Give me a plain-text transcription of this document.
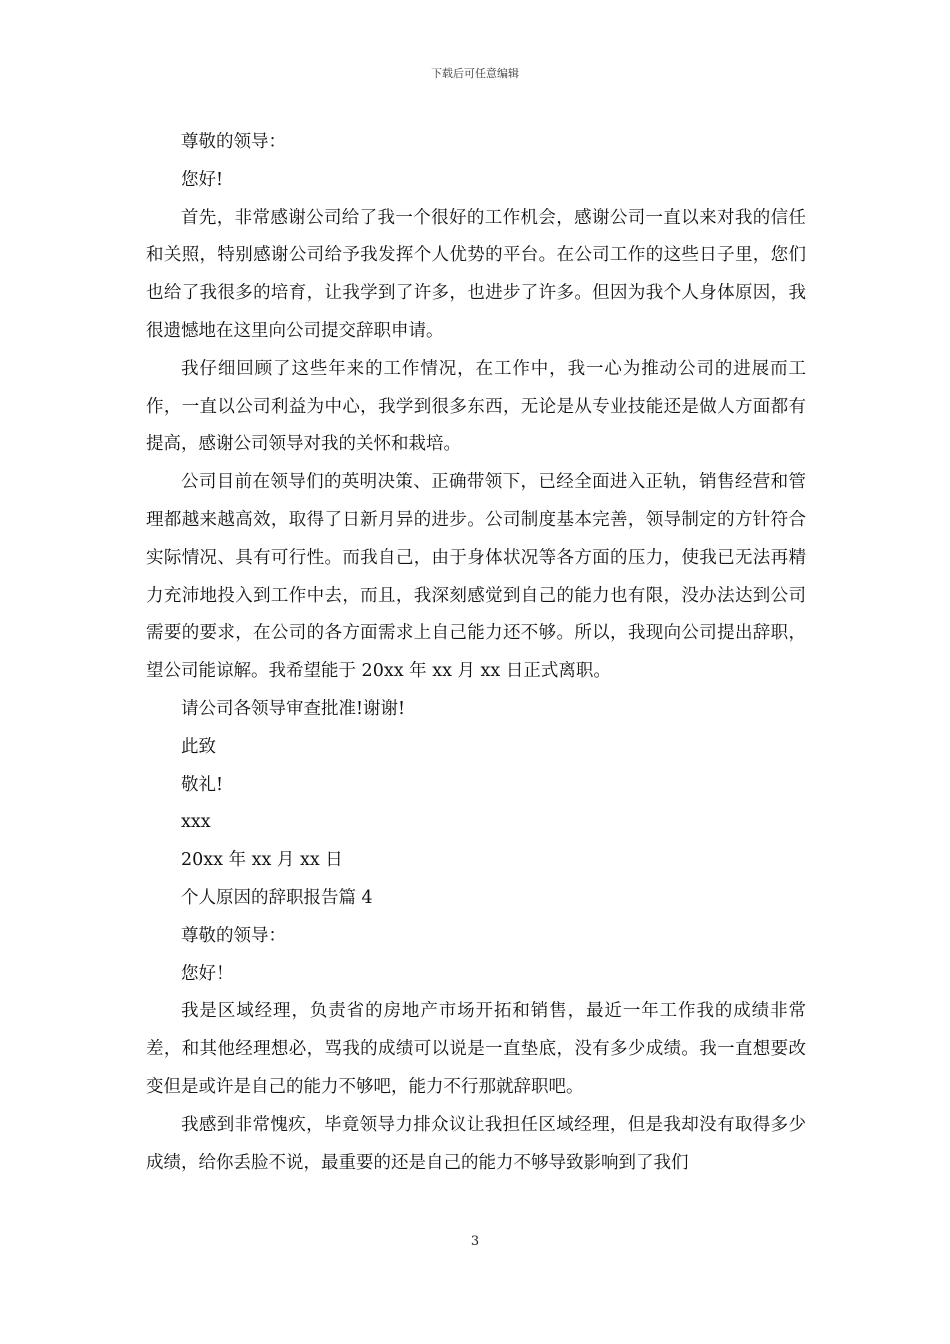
下载后可任意编辑

尊敬的领导：

您好!

首先，非常感谢公司给了我一个很好的工作机会，感谢公司一直以来对我的信任和关照，特别感谢公司给予我发挥个人优势的平台。在公司工作的这些日子里，您们也给了我很多的培育，让我学到了许多，也进步了许多。但因为我个人身体原因，我很遗憾地在这里向公司提交辞职申请。

我仔细回顾了这些年来的工作情况，在工作中，我一心为推动公司的进展而工作，一直以公司利益为中心，我学到很多东西，无论是从专业技能还是做人方面都有提高，感谢公司领导对我的关怀和栽培。

公司目前在领导们的英明决策、正确带领下，已经全面进入正轨，销售经营和管理都越来越高效，取得了日新月异的进步。公司制度基本完善，领导制定的方针符合实际情况、具有可行性。而我自己，由于身体状况等各方面的压力，使我已无法再精力充沛地投入到工作中去，而且，我深刻感觉到自己的能力也有限，没办法达到公司需要的要求，在公司的各方面需求上自己能力还不够。所以，我现向公司提出辞职，望公司能谅解。我希望能于 20xx 年 xx 月 xx 日正式离职。

请公司各领导审查批准!谢谢!

此致

敬礼!

xxx

20xx 年 xx 月 xx 日

个人原因的辞职报告篇 4

尊敬的领导：

您好！

我是区域经理，负责省的房地产市场开拓和销售，最近一年工作我的成绩非常差，和其他经理想必，骂我的成绩可以说是一直垫底，没有多少成绩。我一直想要改变但是或许是自己的能力不够吧，能力不行那就辞职吧。

我感到非常愧疚，毕竟领导力排众议让我担任区域经理，但是我却没有取得多少成绩，给你丢脸不说，最重要的还是自己的能力不够导致影响到了我们

3
